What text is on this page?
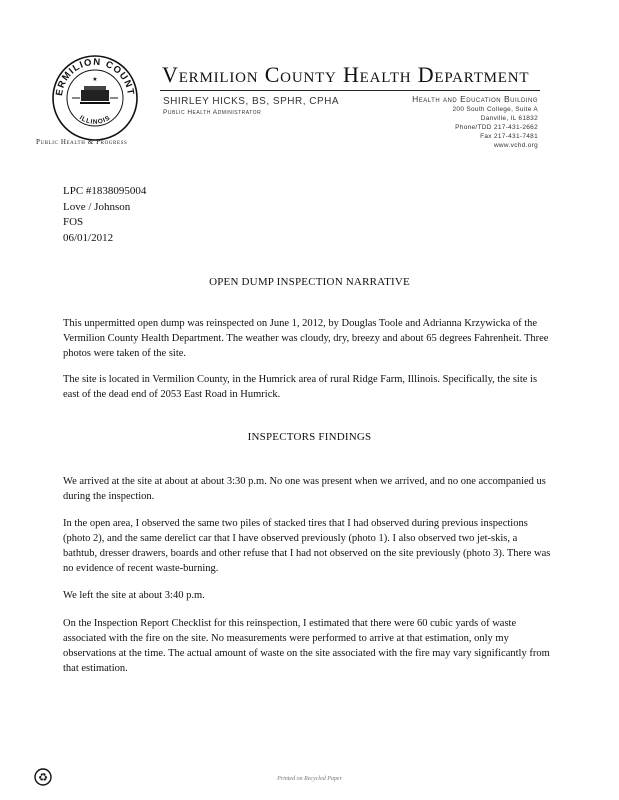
ERMILION COUNT
ILLINOIS
★
Public Health & Progress
Vermilion County Health Department
SHIRLEY HICKS, BS, SPHR, CPHA
Public Health Administrator
Health and Education Building
200 South College, Suite A
Danville, IL 61832
Phone/TDD 217-431-2662
Fax 217-431-7481
www.vchd.org
LPC #1838095004
Love / Johnson
FOS
06/01/2012
OPEN DUMP INSPECTION NARRATIVE
This unpermitted open dump was reinspected on June 1, 2012, by Douglas Toole and Adrianna Krzywicka of the Vermilion County Health Department. The weather was cloudy, dry, breezy and about 65 degrees Fahrenheit. Three photos were taken of the site.
The site is located in Vermilion County, in the Humrick area of rural Ridge Farm, Illinois. Specifically, the site is east of the dead end of 2053 East Road in Humrick.
INSPECTORS FINDINGS
We arrived at the site at about at about 3:30 p.m. No one was present when we arrived, and no one accompanied us during the inspection.
In the open area, I observed the same two piles of stacked tires that I had observed during previous inspections (photo 2), and the same derelict car that I have observed previously (photo 1). I also observed two jet-skis, a bathtub, dresser drawers, boards and other refuse that I had not observed on the site previously (photo 3). There was no evidence of recent waste-burning.
We left the site at about 3:40 p.m.
On the Inspection Report Checklist for this reinspection, I estimated that there were 60 cubic yards of waste associated with the fire on the site. No measurements were performed to arrive at that estimation, only my observations at the time. The actual amount of waste on the site associated with the fire may vary significantly from that estimation.
♻	Printed on Recycled Paper
